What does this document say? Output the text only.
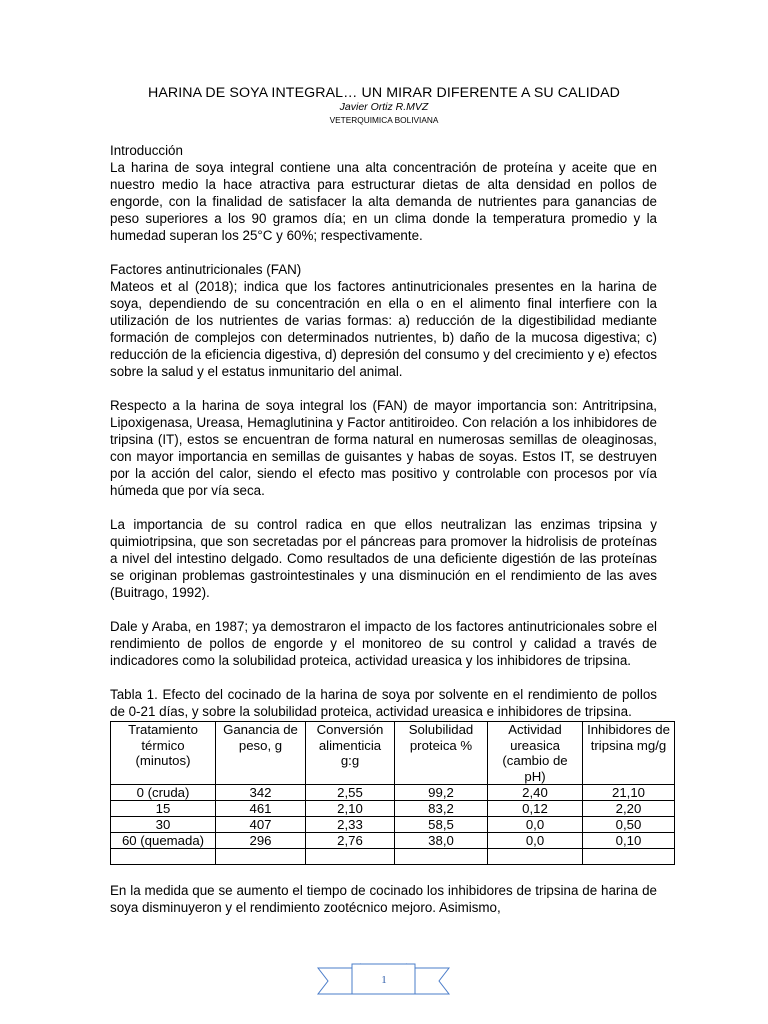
HARINA DE SOYA INTEGRAL… UN MIRAR DIFERENTE A SU CALIDAD
Javier Ortiz R.MVZ
VETERQUIMICA BOLIVIANA

Introducción

La harina de soya integral contiene una alta concentración de proteína y aceite que en nuestro medio la hace atractiva para estructurar dietas de alta densidad en pollos de engorde, con la finalidad de satisfacer la alta demanda de nutrientes para ganancias de peso superiores a los 90 gramos día; en un clima donde la temperatura promedio y la humedad superan los 25°C y 60%; respectivamente.

Factores antinutricionales (FAN)

Mateos et al (2018); indica que los factores antinutricionales presentes en la harina de soya, dependiendo de su concentración en ella o en el alimento final interfiere con la utilización de los nutrientes de varias formas: a) reducción de la digestibilidad mediante formación de complejos con determinados nutrientes, b) daño de la mucosa digestiva; c) reducción de la eficiencia digestiva, d) depresión del consumo y del crecimiento y e) efectos sobre la salud y el estatus inmunitario del animal.

Respecto a la harina de soya integral los (FAN) de mayor importancia son: Antritripsina, Lipoxigenasa, Ureasa, Hemaglutinina y Factor antitiroideo. Con relación a los inhibidores de tripsina (IT), estos se encuentran de forma natural en numerosas semillas de oleaginosas, con mayor importancia en semillas de guisantes y habas de soyas. Estos IT, se destruyen por la acción del calor, siendo el efecto mas positivo y controlable con procesos por vía húmeda que por vía seca.

La importancia de su control radica en que ellos neutralizan las enzimas tripsina y quimiotripsina, que son secretadas por el páncreas para promover la hidrolisis de proteínas a nivel del intestino delgado. Como resultados de una deficiente digestión de las proteínas se originan problemas gastrointestinales y una disminución en el rendimiento de las aves (Buitrago, 1992).

Dale y Araba, en 1987; ya demostraron el impacto de los factores antinutricionales sobre el rendimiento de pollos de engorde y el monitoreo de su control y calidad a través de indicadores como la solubilidad proteica, actividad ureasica y los inhibidores de tripsina.

Tabla 1. Efecto del cocinado de la harina de soya por solvente en el rendimiento de pollos de 0-21 días, y sobre la solubilidad proteica, actividad ureasica e inhibidores de tripsina.

Tratamiento térmico (minutos)	Ganancia de peso, g	Conversión alimenticia g:g	Solubilidad proteica %	Actividad ureasica (cambio de pH)	Inhibidores de tripsina mg/g
0 (cruda)	342	2,55	99,2	2,40	21,10
15	461	2,10	83,2	0,12	2,20
30	407	2,33	58,5	0,0	0,50
60 (quemada)	296	2,76	38,0	0,0	0,10

En la medida que se aumento el tiempo de cocinado los inhibidores de tripsina de harina de soya disminuyeron y el rendimiento zootécnico mejoro. Asimismo,

1
